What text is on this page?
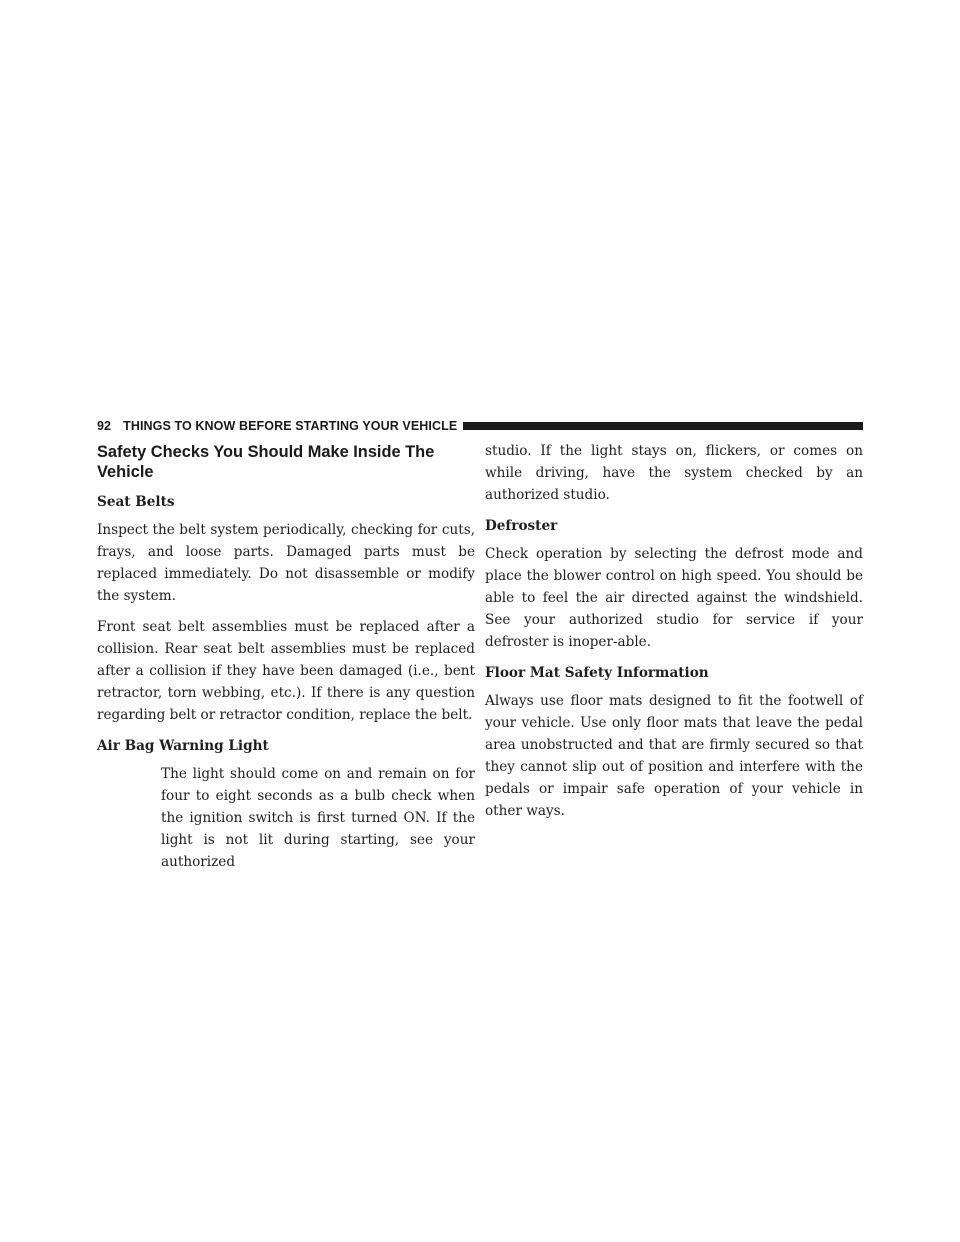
92 THINGS TO KNOW BEFORE STARTING YOUR VEHICLE
Safety Checks You Should Make Inside The Vehicle
Seat Belts

Inspect the belt system periodically, checking for cuts, frays, and loose parts. Damaged parts must be replaced immediately. Do not disassemble or modify the system.

Front seat belt assemblies must be replaced after a collision. Rear seat belt assemblies must be replaced after a collision if they have been damaged (i.e., bent retractor, torn webbing, etc.). If there is any question regarding belt or retractor condition, replace the belt.

Air Bag Warning Light

The light should come on and remain on for four to eight seconds as a bulb check when the ignition switch is first turned ON. If the light is not lit during starting, see your authorized

studio. If the light stays on, flickers, or comes on while driving, have the system checked by an authorized studio.

Defroster

Check operation by selecting the defrost mode and place the blower control on high speed. You should be able to feel the air directed against the windshield. See your authorized studio for service if your defroster is inoper-able.

Floor Mat Safety Information

Always use floor mats designed to fit the footwell of your vehicle. Use only floor mats that leave the pedal area unobstructed and that are firmly secured so that they cannot slip out of position and interfere with the pedals or impair safe operation of your vehicle in other ways.
